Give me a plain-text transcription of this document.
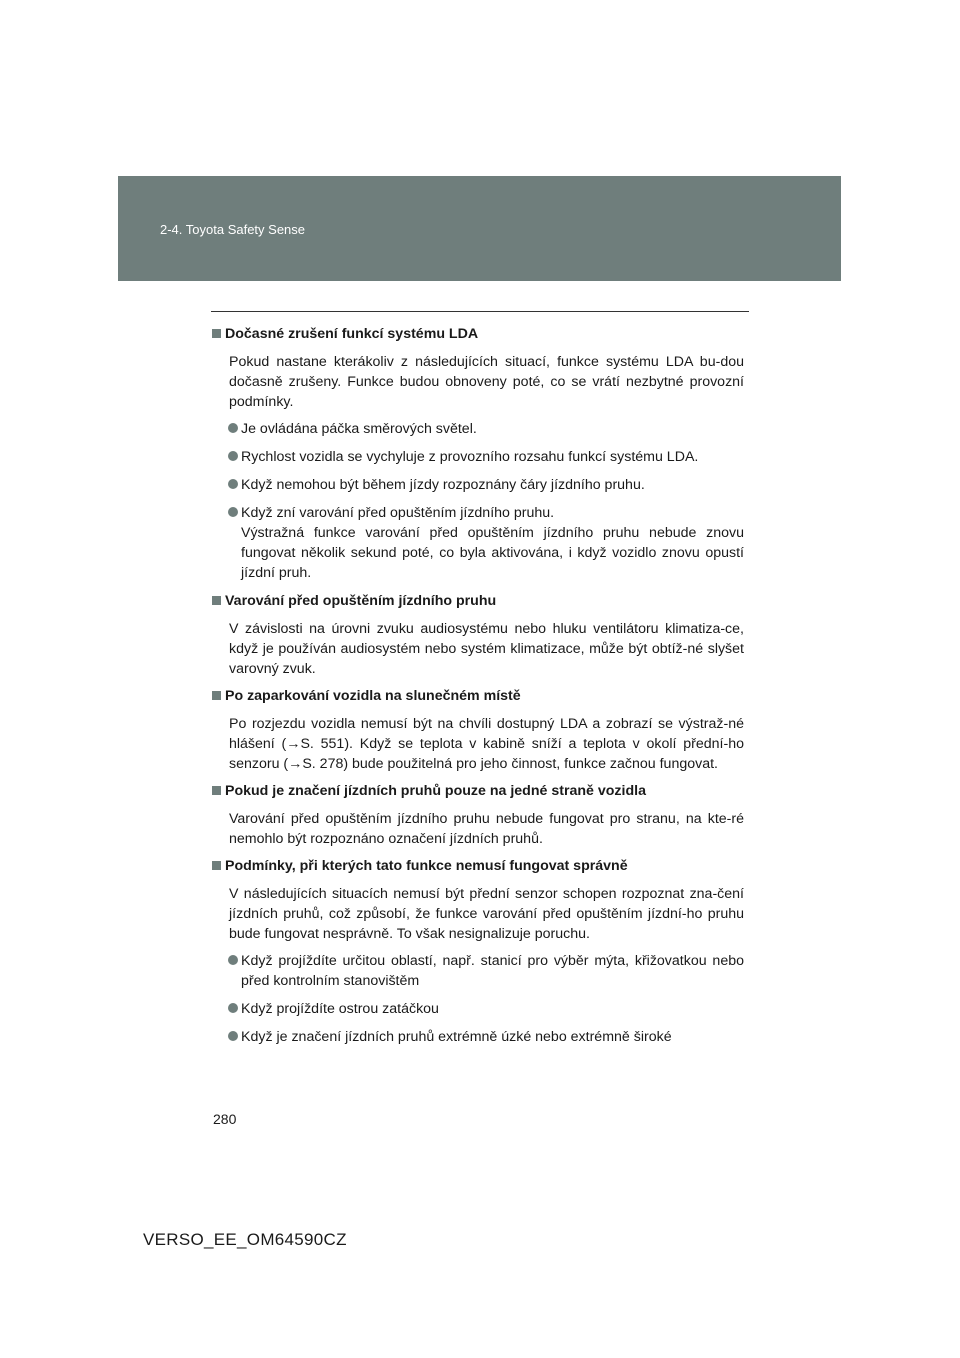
2-4. Toyota Safety Sense
Dočasné zrušení funkcí systému LDA
Pokud nastane kterákoliv z následujících situací, funkce systému LDA bu-dou dočasně zrušeny. Funkce budou obnoveny poté, co se vrátí nezbytné provozní podmínky.
Je ovládána páčka směrových světel.
Rychlost vozidla se vychyluje z provozního rozsahu funkcí systému LDA.
Když nemohou být během jízdy rozpoznány čáry jízdního pruhu.
Když zní varování před opuštěním jízdního pruhu.
Výstražná funkce varování před opuštěním jízdního pruhu nebude znovu fungovat několik sekund poté, co byla aktivována, i když vozidlo znovu opustí jízdní pruh.
Varování před opuštěním jízdního pruhu
V závislosti na úrovni zvuku audiosystému nebo hluku ventilátoru klimatiza-ce, když je používán audiosystém nebo systém klimatizace, může být obtíž-né slyšet varovný zvuk.
Po zaparkování vozidla na slunečném místě
Po rozjezdu vozidla nemusí být na chvíli dostupný LDA a zobrazí se výstraž-né hlášení (→S. 551). Když se teplota v kabině sníží a teplota v okolí přední-ho senzoru (→S. 278) bude použitelná pro jeho činnost, funkce začnou fungovat.
Pokud je značení jízdních pruhů pouze na jedné straně vozidla
Varování před opuštěním jízdního pruhu nebude fungovat pro stranu, na kte-ré nemohlo být rozpoznáno označení jízdních pruhů.
Podmínky, při kterých tato funkce nemusí fungovat správně
V následujících situacích nemusí být přední senzor schopen rozpoznat zna-čení jízdních pruhů, což způsobí, že funkce varování před opuštěním jízdní-ho pruhu bude fungovat nesprávně. To však nesignalizuje poruchu.
Když projíždíte určitou oblastí, např. stanicí pro výběr mýta, křižovatkou nebo před kontrolním stanovištěm
Když projíždíte ostrou zatáčkou
Když je značení jízdních pruhů extrémně úzké nebo extrémně široké
280
VERSO_EE_OM64590CZ
